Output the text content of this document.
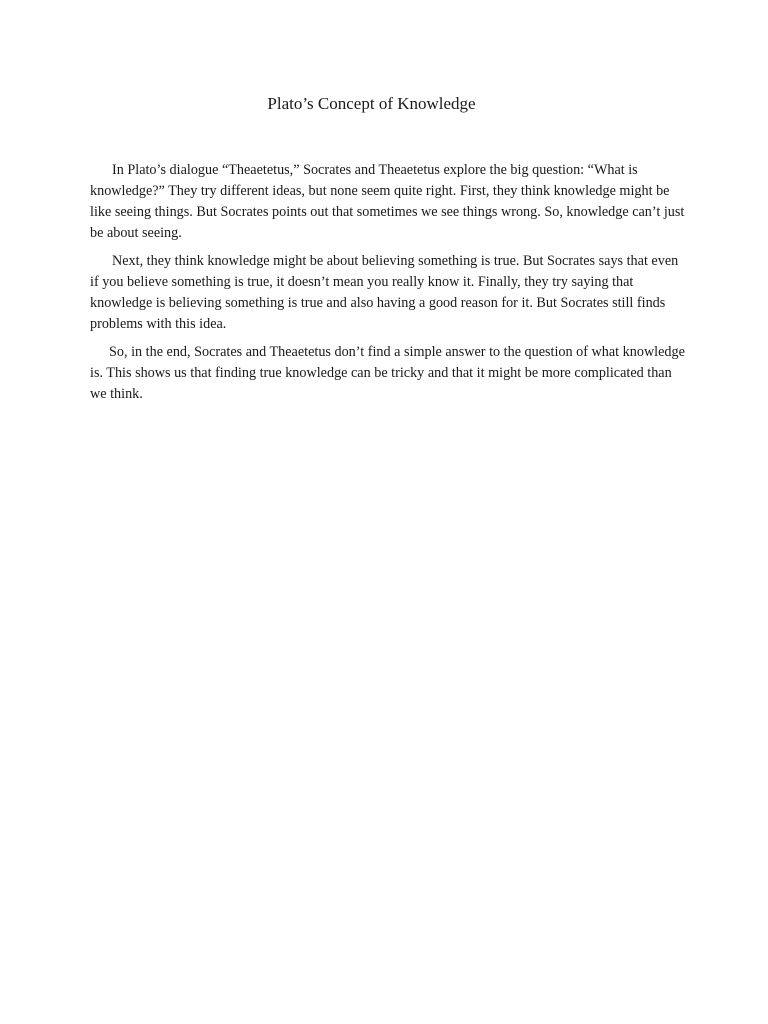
Plato’s Concept of Knowledge

In Plato’s dialogue “Theaetetus,” Socrates and Theaetetus explore the big question: “What is knowledge?” They try different ideas, but none seem quite right. First, they think knowledge might be like seeing things. But Socrates points out that sometimes we see things wrong. So, knowledge can’t just be about seeing.

Next, they think knowledge might be about believing something is true. But Socrates says that even if you believe something is true, it doesn’t mean you really know it. Finally, they try saying that knowledge is believing something is true and also having a good reason for it. But Socrates still finds problems with this idea.

So, in the end, Socrates and Theaetetus don’t find a simple answer to the question of what knowledge is. This shows us that finding true knowledge can be tricky and that it might be more complicated than we think.
